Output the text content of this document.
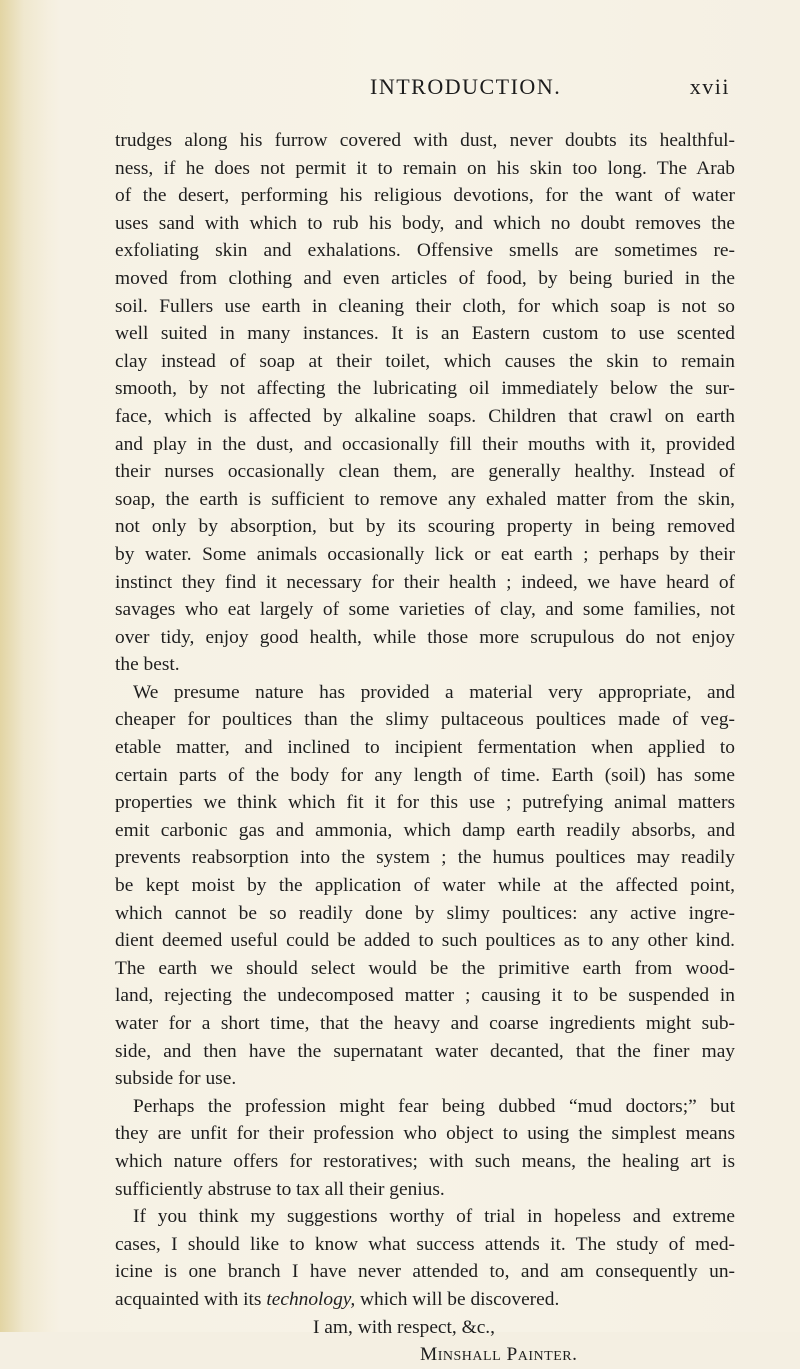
INTRODUCTION.	xvii
trudges along his furrow covered with dust, never doubts its healthful-
ness, if he does not permit it to remain on his skin too long. The Arab
of the desert, performing his religious devotions, for the want of water
uses sand with which to rub his body, and which no doubt removes the
exfoliating skin and exhalations. Offensive smells are sometimes re-
moved from clothing and even articles of food, by being buried in the
soil. Fullers use earth in cleaning their cloth, for which soap is not so
well suited in many instances. It is an Eastern custom to use scented
clay instead of soap at their toilet, which causes the skin to remain
smooth, by not affecting the lubricating oil immediately below the sur-
face, which is affected by alkaline soaps. Children that crawl on earth
and play in the dust, and occasionally fill their mouths with it, provided
their nurses occasionally clean them, are generally healthy. Instead of
soap, the earth is sufficient to remove any exhaled matter from the skin,
not only by absorption, but by its scouring property in being removed
by water. Some animals occasionally lick or eat earth ; perhaps by their
instinct they find it necessary for their health ; indeed, we have heard of
savages who eat largely of some varieties of clay, and some families, not
over tidy, enjoy good health, while those more scrupulous do not enjoy
the best.
We presume nature has provided a material very appropriate, and
cheaper for poultices than the slimy pultaceous poultices made of veg-
etable matter, and inclined to incipient fermentation when applied to
certain parts of the body for any length of time. Earth (soil) has some
properties we think which fit it for this use ; putrefying animal matters
emit carbonic gas and ammonia, which damp earth readily absorbs, and
prevents reabsorption into the system ; the humus poultices may readily
be kept moist by the application of water while at the affected point,
which cannot be so readily done by slimy poultices: any active ingre-
dient deemed useful could be added to such poultices as to any other kind.
The earth we should select would be the primitive earth from wood-
land, rejecting the undecomposed matter ; causing it to be suspended in
water for a short time, that the heavy and coarse ingredients might sub-
side, and then have the supernatant water decanted, that the finer may
subside for use.
Perhaps the profession might fear being dubbed “mud doctors;” but
they are unfit for their profession who object to using the simplest means
which nature offers for restoratives; with such means, the healing art is
sufficiently abstruse to tax all their genius.
If you think my suggestions worthy of trial in hopeless and extreme
cases, I should like to know what success attends it. The study of med-
icine is one branch I have never attended to, and am consequently un-
acquainted with its technology, which will be discovered.
I am, with respect, &c.,
Minshall Painter.
